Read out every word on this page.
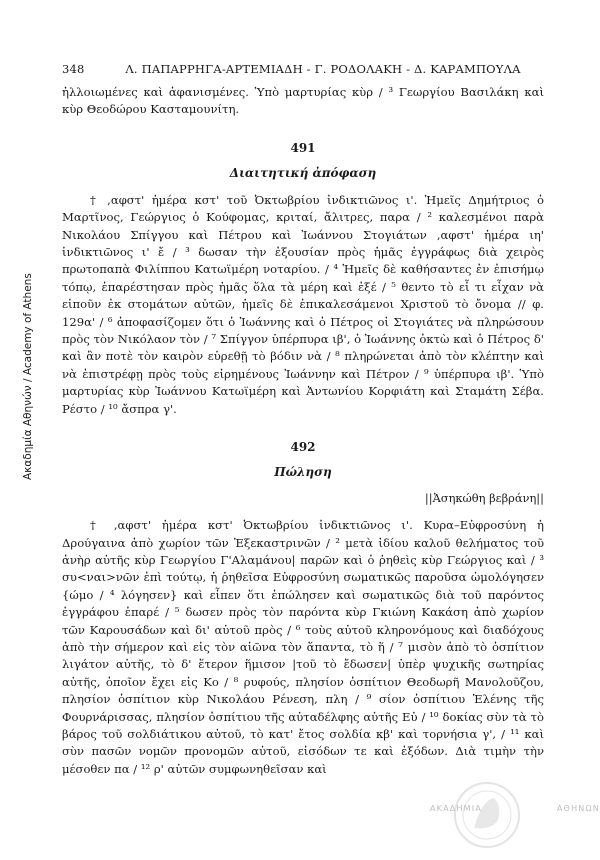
Ακαδημία Αθηνών / Academy of Athens
348	Λ. ΠΑΠΑΡΡΗΓΑ-ΑΡΤΕΜΙΑΔΗ - Γ. ΡΟΔΟΛΑΚΗ - Δ. ΚΑΡΑΜΠΟΥΛΑ

ἠλλοιωμένες καὶ ἀφανισμένες. Ὑπὸ μαρτυρίας κὺρ / ³ Γεωργίου Βασιλάκη καὶ κὺρ Θεοδώρου Κασταμουνίτη.

491
Διαιτητική ἀπόφαση

† ,αφστ' ἡμέρα κστ' τοῦ Ὀκτωβρίου ἰνδικτιῶνος ι'. Ἡμεῖς Δημήτριος ὁ Μαρτῖνος, Γεώργιος ὁ Κούφομας, κριταί, ἄλιτρες, παρα / ² καλεσμένοι παρὰ Νικολάου Σπίγγου καὶ Πέτρου καὶ Ἰωάννου Στογιάτων ,αφστ' ἡμέρα ιη' ἰνδικτιῶνος ι' ἔ / ³ δωσαν τὴν ἐξουσίαν πρὸς ἡμᾶς ἐγγράφως διὰ χειρὸς πρωτοπαπὰ Φιλίππου Κατωϊμέρη νοταρίου. / ⁴ Ἡμεῖς δὲ καθήσαντες ἐν ἐπισήμῳ τόπῳ, ἐπαρέστησαν πρὸς ἡμᾶς ὅλα τὰ μέρη καὶ ἐξέ / ⁵ θεντο τὸ εἶ τι εἶχαν νὰ εἰποῦν ἐκ στομάτων αὐτῶν, ἡμεῖς δὲ ἐπικαλεσάμενοι Χριστοῦ τὸ ὄνομα // φ. 129α' / ⁶ ἀποφασίζομεν ὅτι ὁ Ἰωάννης καὶ ὁ Πέτρος οἱ Στογιάτες νὰ πληρώσουν πρὸς τὸν Νικόλαον τὸν / ⁷ Σπίγγον ὑπέρπυρα ιβ', ὁ Ἰωάννης ὀκτὼ καὶ ὁ Πέτρος δ' καὶ ἂν ποτὲ τὸν καιρὸν εὑρεθῇ τὸ βόδιν νὰ / ⁸ πληρώνεται ἀπὸ τὸν κλέπτην καὶ νὰ ἐπιστρέφῃ πρὸς τοὺς εἰρημένους Ἰωάννην καὶ Πέτρον / ⁹ ὑπέρπυρα ιβ'. Ὑπὸ μαρτυρίας κὺρ Ἰωάννου Κατωϊμέρη καὶ Ἀντωνίου Κορφιάτη καὶ Σταμάτη Σέβα. Ρέστο / ¹⁰ ἄσπρα γ'.

492
Πώληση
||Ἀσηκώθη βεβράνη||

† ,αφστ' ἡμέρα κστ' Ὀκτωβρίου ἰνδικτιῶνος ι'. Κυρα–Εὐφροσύνη ἡ Δρούγαινα ἀπὸ χωρίον τῶν Ἐξεκαστρινῶν / ² μετὰ ἰδίου καλοῦ θελήματος τοῦ ἀνὴρ αὐτῆς κὺρ Γεωργίου Γ'Αλαμάνου| παρῶν καὶ ὁ ῥηθεὶς κὺρ Γεώργιος καὶ / ³ συ<ναι>νῶν ἐπὶ τούτῳ, ἡ ῥηθεῖσα Εὐφροσύνη σωματικῶς παροῦσα ὡμολόγησεν {ώμο / ⁴ λόγησεν} καὶ εἶπεν ὅτι ἐπώλησεν καὶ σωματικῶς διὰ τοῦ παρόντος ἐγγράφου ἐπαρέ / ⁵ δωσεν πρὸς τὸν παρόντα κὺρ Γκιώνη Κακάση ἀπὸ χωρίον τῶν Καρουσάδων καὶ δι' αὐτοῦ πρὸς / ⁶ τοὺς αὐτοῦ κληρονόμους καὶ διαδόχους ἀπὸ τὴν σήμερον καὶ εἰς τὸν αἰῶνα τὸν ἅπαντα, τὸ ἥ / ⁷ μισὸν ἀπὸ τὸ ὁσπίτιον λιγάτον αὐτῆς, τὸ δ' ἕτερον ἥμισον |τοῦ τὸ ἔδωσεν| ὑπὲρ ψυχικῆς σωτηρίας αὐτῆς, ὁποῖον ἔχει εἰς Κο / ⁸ ρυφούς, πλησίον ὁσπίτιον Θεοδωρῆ Μανολοῦζου, πλησίον ὁσπίτιον κὺρ Νικολάου Ρένεση, πλη / ⁹ σίον ὁσπίτιου Ἑλένης τῆς Φουρνάρισσας, πλησίον ὁσπίτιου τῆς αὐταδέλφης αὐτῆς Εὐ / ¹⁰ δοκίας σὺν τὰ τὸ βάρος τοῦ σολδιάτικου αὐτοῦ, τὸ κατ' ἔτος σολδία κβ' καὶ τορνήσια γ', / ¹¹ καὶ σὺν πασῶν νομῶν προνομῶν αὐτοῦ, εἰσόδων τε καὶ ἐξόδων. Διὰ τιμὴν τὴν μέσοθεν πα / ¹² ρ' αὐτῶν συμφωνηθεῖσαν καὶ

ΑΚΑΔΗΜΙΑ	ΑΘΗΝΩΝ
